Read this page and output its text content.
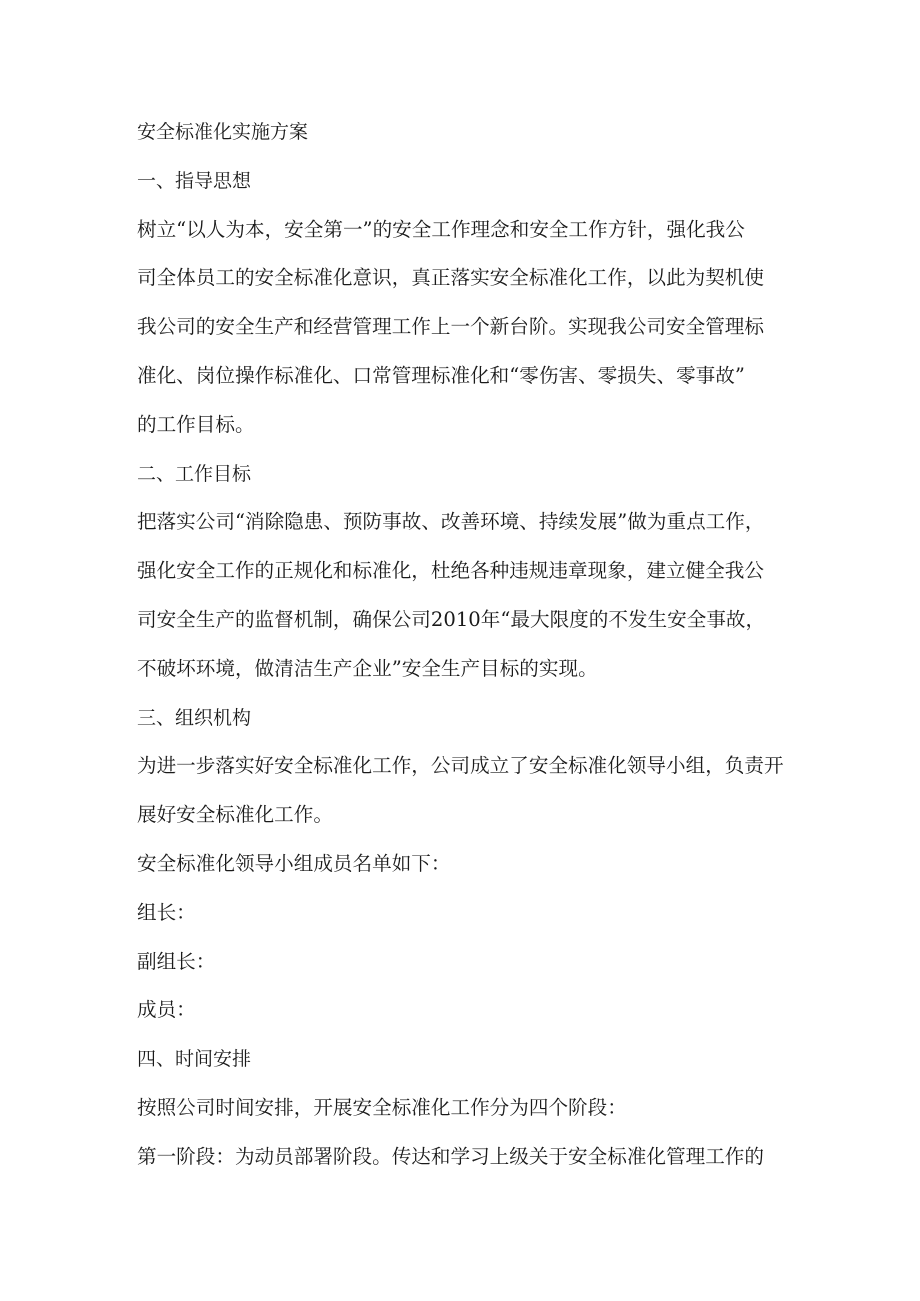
安全标准化实施方案
一、指导思想
树立“以人为本，安全第一”的安全工作理念和安全工作方针，强化我公
司全体员工的安全标准化意识，真正落实安全标准化工作，以此为契机使
我公司的安全生产和经营管理工作上一个新台阶。实现我公司安全管理标
准化、岗位操作标准化、口常管理标准化和“零伤害、零损失、零事故”
的工作目标。
二、工作目标
把落实公司“消除隐患、预防事故、改善环境、持续发展”做为重点工作，
强化安全工作的正规化和标准化，杜绝各种违规违章现象，建立健全我公
司安全生产的监督机制，确保公司2010年“最大限度的不发生安全事故，
不破坏环境，做清洁生产企业”安全生产目标的实现。
三、组织机构
为进一步落实好安全标准化工作，公司成立了安全标准化领导小组，负责开
展好安全标准化工作。
安全标准化领导小组成员名单如下：
组长：
副组长：
成员：
四、时间安排
按照公司时间安排，开展安全标准化工作分为四个阶段：
第一阶段：为动员部署阶段。传达和学习上级关于安全标准化管理工作的
